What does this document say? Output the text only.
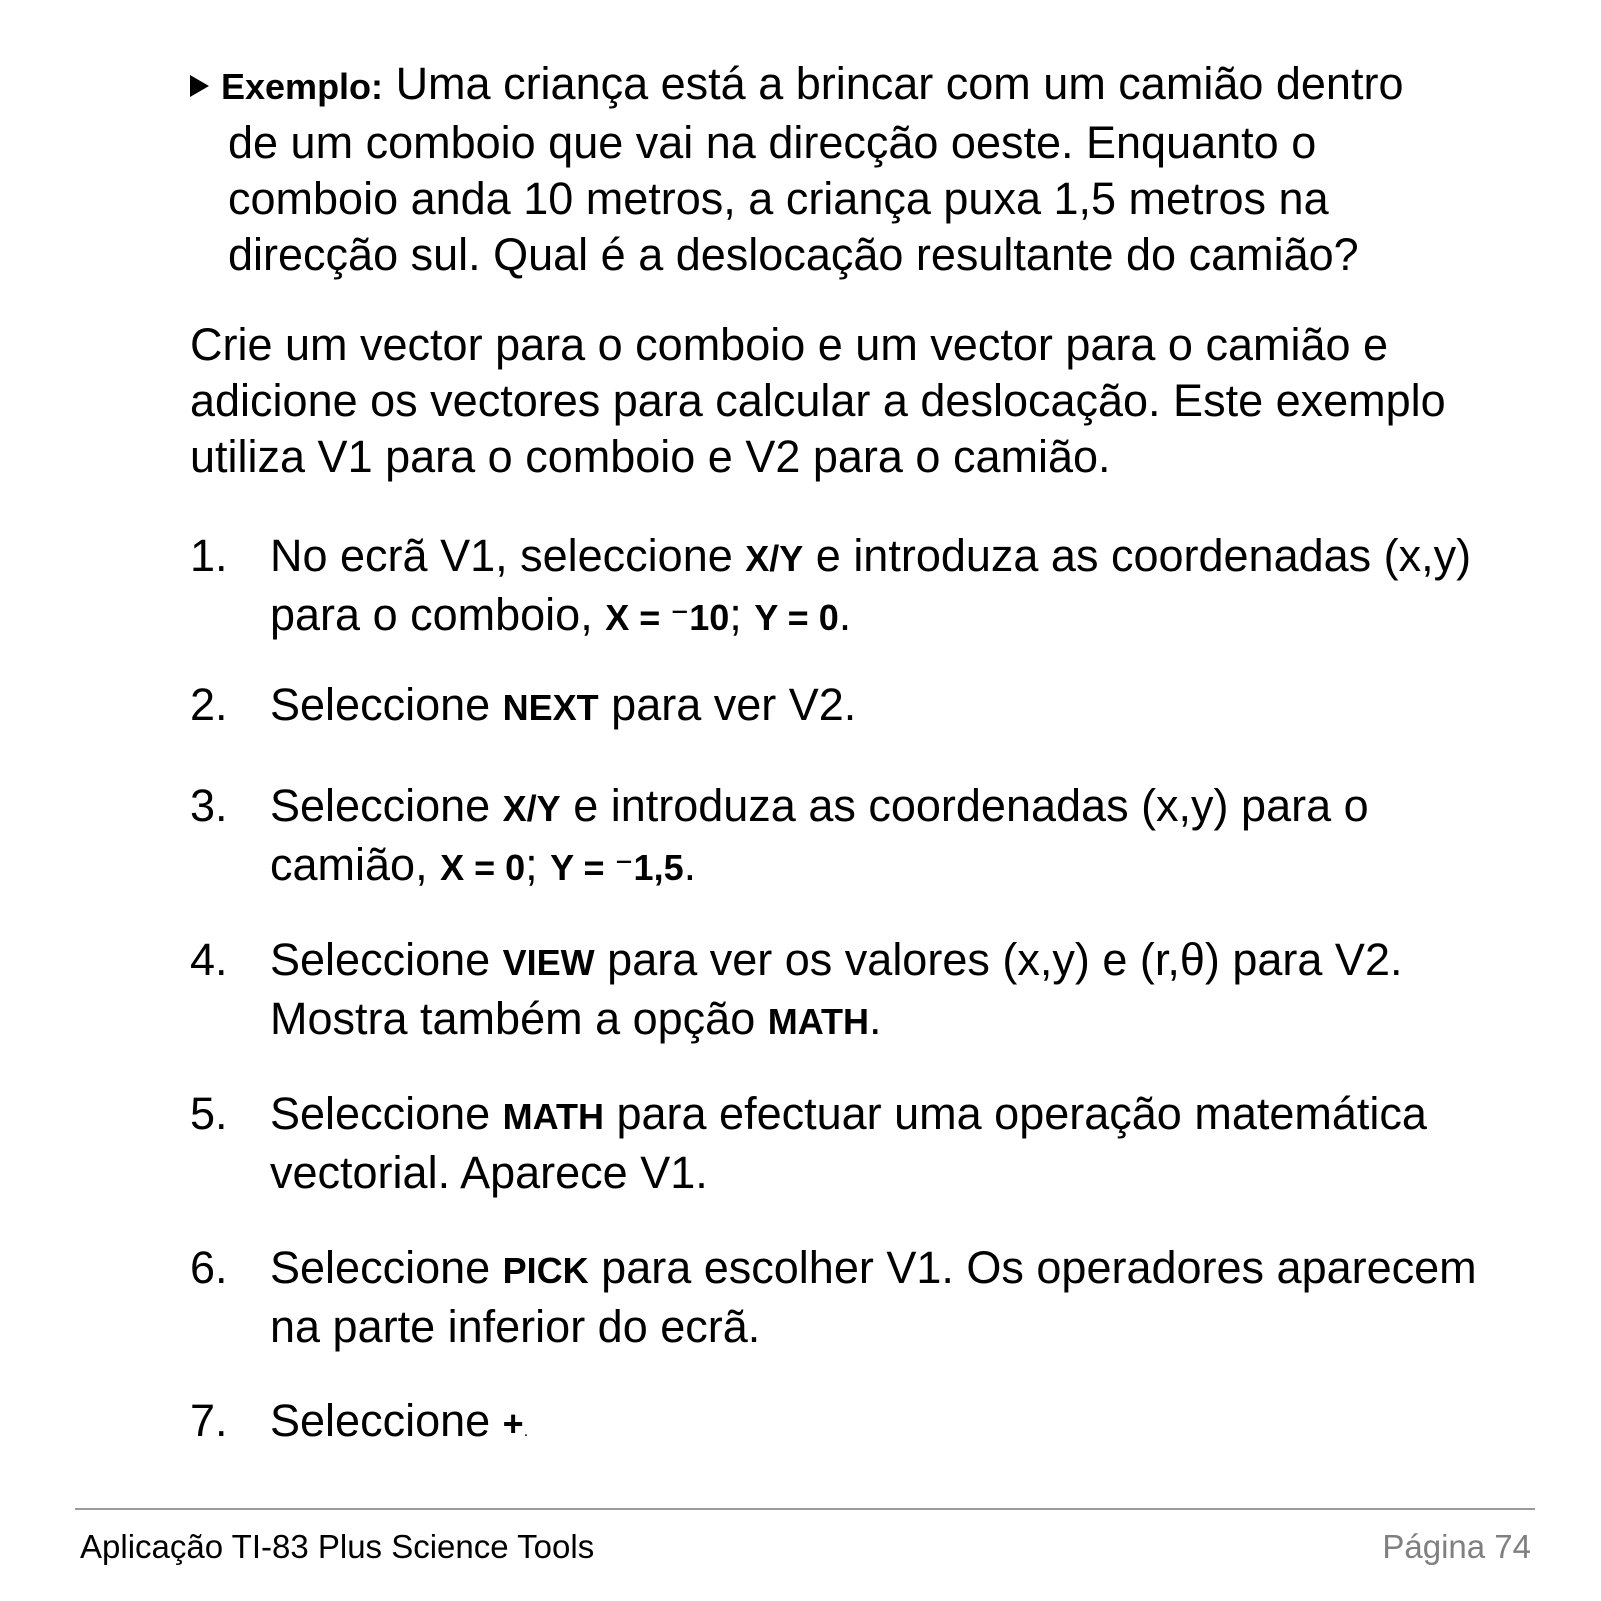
Exemplo: Uma criança está a brincar com um camião dentro
de um comboio que vai na direcção oeste. Enquanto o
comboio anda 10 metros, a criança puxa 1,5 metros na
direcção sul. Qual é a deslocação resultante do camião?
Crie um vector para o comboio e um vector para o camião e
adicione os vectores para calcular a deslocação. Este exemplo
utiliza V1 para o comboio e V2 para o camião.
1. No ecrã V1, seleccione X/Y e introduza as coordenadas (x,y)
para o comboio, X = ⁻10; Y = 0.
2. Seleccione NEXT para ver V2.
3. Seleccione X/Y e introduza as coordenadas (x,y) para o
camião, X = 0; Y = ⁻1,5.
4. Seleccione VIEW para ver os valores (x,y) e (r,θ) para V2.
Mostra também a opção MATH.
5. Seleccione MATH para efectuar uma operação matemática
vectorial. Aparece V1.
6. Seleccione PICK para escolher V1. Os operadores aparecem
na parte inferior do ecrã.
7. Seleccione +.
Aplicação TI-83 Plus Science Tools	Página 74
